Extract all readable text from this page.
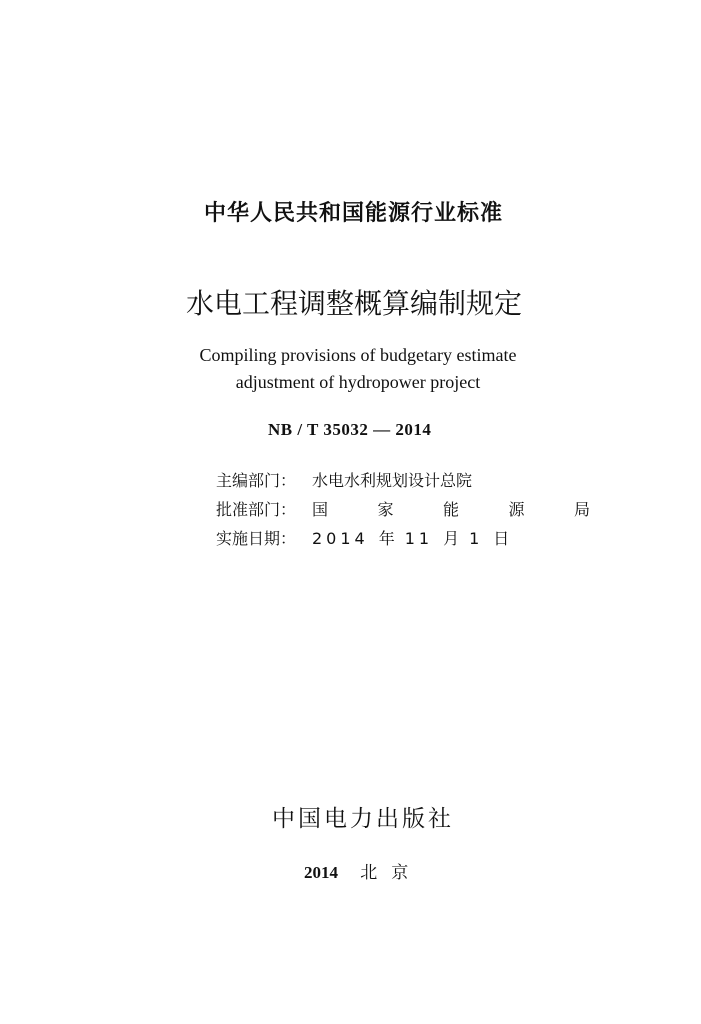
中华人民共和国能源行业标准
水电工程调整概算编制规定
Compiling provisions of budgetary estimate
adjustment of hydropower project
NB / T 35032 — 2014
主编部门： 水电水利规划设计总院
批准部门： 国	家	能	源	局
实施日期： 2014 年 11 月 1 日
中国电力出版社
2014 北京
